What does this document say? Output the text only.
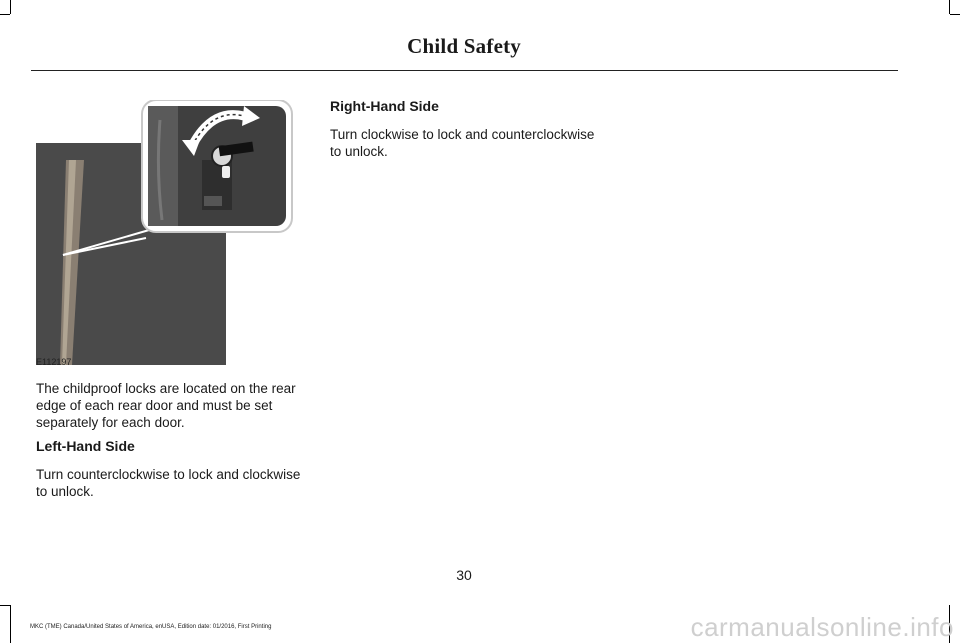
Child Safety
E112197
The childproof locks are located on the rear edge of each rear door and must be set separately for each door.
Left-Hand Side
Turn counterclockwise to lock and clockwise to unlock.
Right-Hand Side
Turn clockwise to lock and counterclockwise to unlock.
30
MKC (TME) Canada/United States of America, enUSA, Edition date: 01/2016, First Printing	carmanualsonline.info
